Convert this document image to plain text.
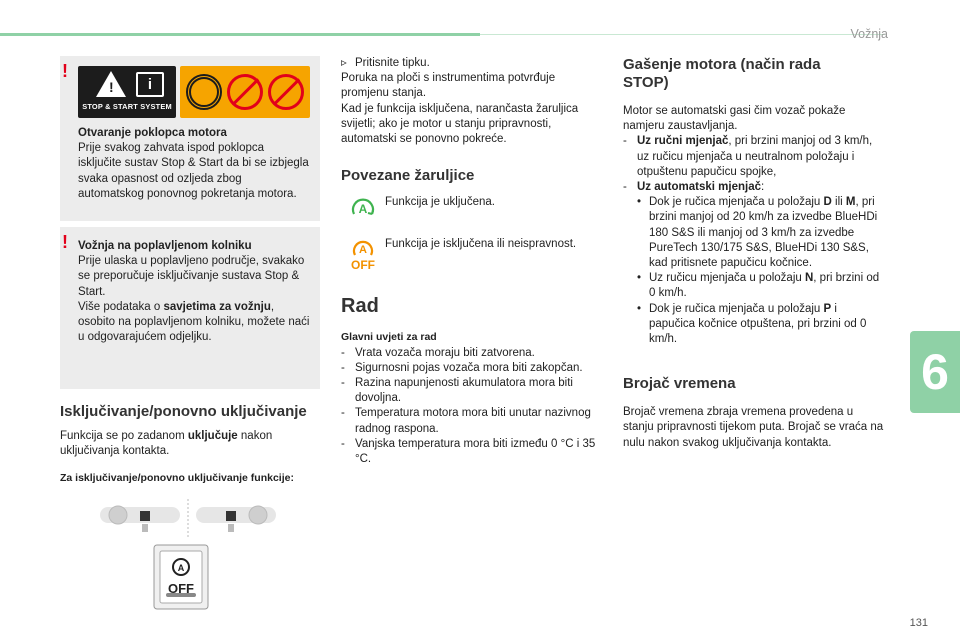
Vožnja
6
!
!	i
STOP & START SYSTEM

Otvaranje poklopca motora

Prije svakog zahvata ispod poklopca isključite sustav Stop & Start da bi se izbjegla svaka opasnost od ozljeda zbog automatskog ponovnog pokretanja motora.

! Vožnja na poplavljenom kolniku

Prije ulaska u poplavljeno područje, svakako se preporučuje isključivanje sustava Stop & Start.

Više podataka o savjetima za vožnju, osobito na poplavljenom kolniku, možete naći u odgovarajućem odjeljku.

Isključivanje/ponovno uključivanje

Funkcija se po zadanom uključuje nakon uključivanja kontakta.

Za isključivanje/ponovno uključivanje funkcije:

A
OFF
▹ Pritisnite tipku.

Poruka na ploči s instrumentima potvrđuje promjenu stanja.

Kad je funkcija isključena, narančasta žaruljica svijetli; ako je motor u stanju pripravnosti, automatski se ponovno pokreće.

Povezane žaruljice
A Funkcija je uključena.
A
OFF
Funkcija je isključena ili neispravnost.
Rad

Glavni uvjeti za rad

- Vrata vozača moraju biti zatvorena.
- Sigurnosni pojas vozača mora biti zakopčan.
- Razina napunjenosti akumulatora mora biti dovoljna.
- Temperatura motora mora biti unutar nazivnog radnog raspona.
- Vanjska temperatura mora biti između 0 °C i 35 °C.
Gašenje motora (način rada STOP)

Motor se automatski gasi čim vozač pokaže namjeru zaustavljanja.

- Uz ručni mjenjač, pri brzini manjoj od 3 km/h, uz ručicu mjenjača u neutralnom položaju i otpuštenu papučicu spojke,
- Uz automatski mjenjač:
• Dok je ručica mjenjača u položaju D ili M, pri brzini manjoj od 20 km/h za izvedbe BlueHDi 180 S&S ili manjoj od 3 km/h za izvedbe PureTech 130/175 S&S, BlueHDi 130 S&S, kad pritisnete papučicu kočnice.
• Uz ručicu mjenjača u položaju N, pri brzini od 0 km/h.
• Dok je ručica mjenjača u položaju P i papučica kočnice otpuštena, pri brzini od 0 km/h.
Brojač vremena

Brojač vremena zbraja vremena provedena u stanju pripravnosti tijekom puta. Brojač se vraća na nulu nakon svakog uključivanja kontakta.

131
